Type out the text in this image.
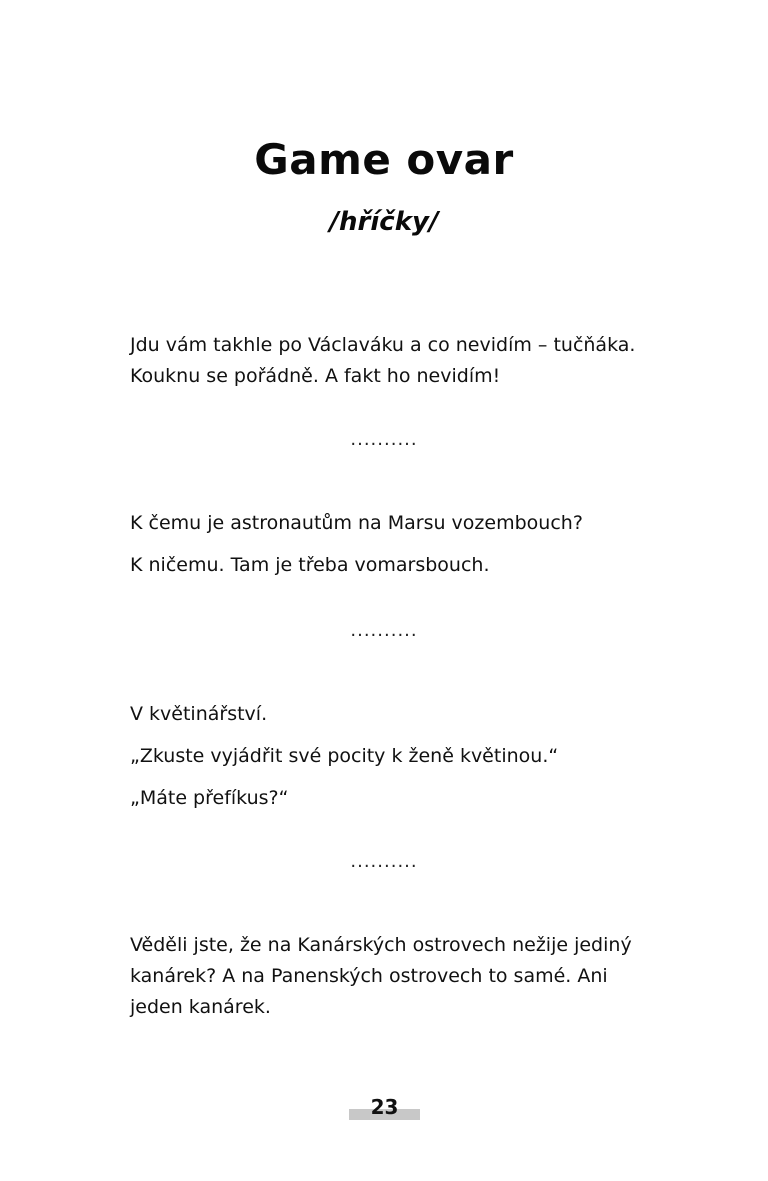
Game ovar
/hříčky/
Jdu vám takhle po Václaváku a co nevidím – tučňáka. Kouknu se pořádně. A fakt ho nevidím!
..........
K čemu je astronautům na Marsu vozembouch?
K ničemu. Tam je třeba vomarsbouch.
..........
V květinářství.
„Zkuste vyjádřit své pocity k ženě květinou.“
„Máte přefíkus?“
..........
Věděli jste, že na Kanárských ostrovech nežije jediný kanárek? A na Panenských ostrovech to samé. Ani jeden kanárek.
23
